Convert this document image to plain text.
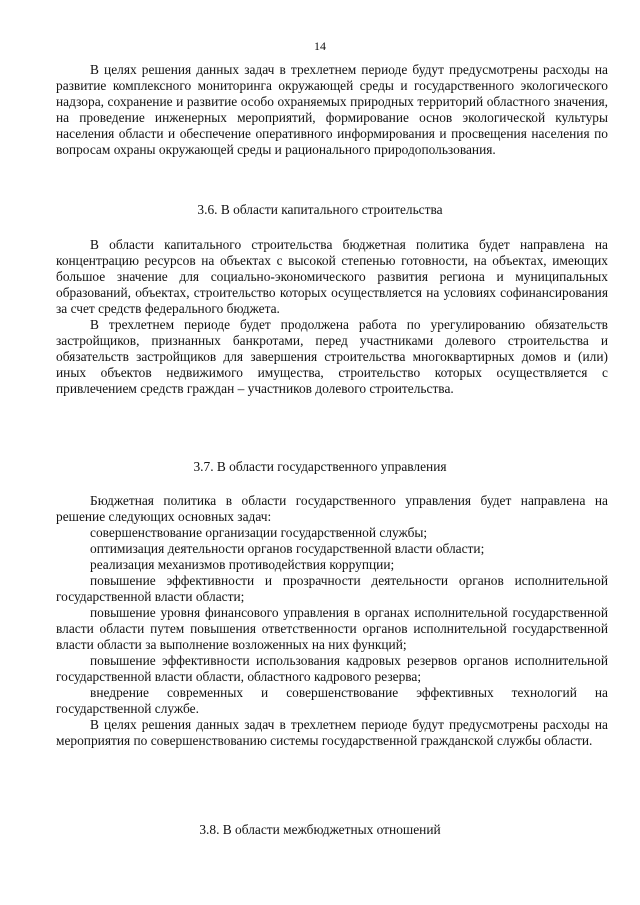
14

В целях решения данных задач в трехлетнем периоде будут предусмотрены расходы на развитие комплексного мониторинга окружающей среды и государственного экологического надзора, сохранение и развитие особо охраняемых природных территорий областного значения, на проведение инженерных мероприятий, формирование основ экологической культуры населения области и обеспечение оперативного информирования и просвещения населения по вопросам охраны окружающей среды и рационального природопользования.

3.6. В области капитального строительства

В области капитального строительства бюджетная политика будет направлена на концентрацию ресурсов на объектах с высокой степенью готовности, на объектах, имеющих большое значение для социально-экономического развития региона и муниципальных образований, объектах, строительство которых осуществляется на условиях софинансирования за счет средств федерального бюджета.

В трехлетнем периоде будет продолжена работа по урегулированию обязательств застройщиков, признанных банкротами, перед участниками долевого строительства и обязательств застройщиков для завершения строительства многоквартирных домов и (или) иных объектов недвижимого имущества, строительство которых осуществляется с привлечением средств граждан – участников долевого строительства.

3.7. В области государственного управления

Бюджетная политика в области государственного управления будет направлена на решение следующих основных задач:

совершенствование организации государственной службы;

оптимизация деятельности органов государственной власти области;

реализация механизмов противодействия коррупции;

повышение эффективности и прозрачности деятельности органов исполнительной государственной власти области;

повышение уровня финансового управления в органах исполнительной государственной власти области путем повышения ответственности органов исполнительной государственной власти области за выполнение возложенных на них функций;

повышение эффективности использования кадровых резервов органов исполнительной государственной власти области, областного кадрового резерва;

внедрение современных и совершенствование эффективных технологий на государственной службе.

В целях решения данных задач в трехлетнем периоде будут предусмотрены расходы на мероприятия по совершенствованию системы государственной гражданской службы области.

3.8. В области межбюджетных отношений
